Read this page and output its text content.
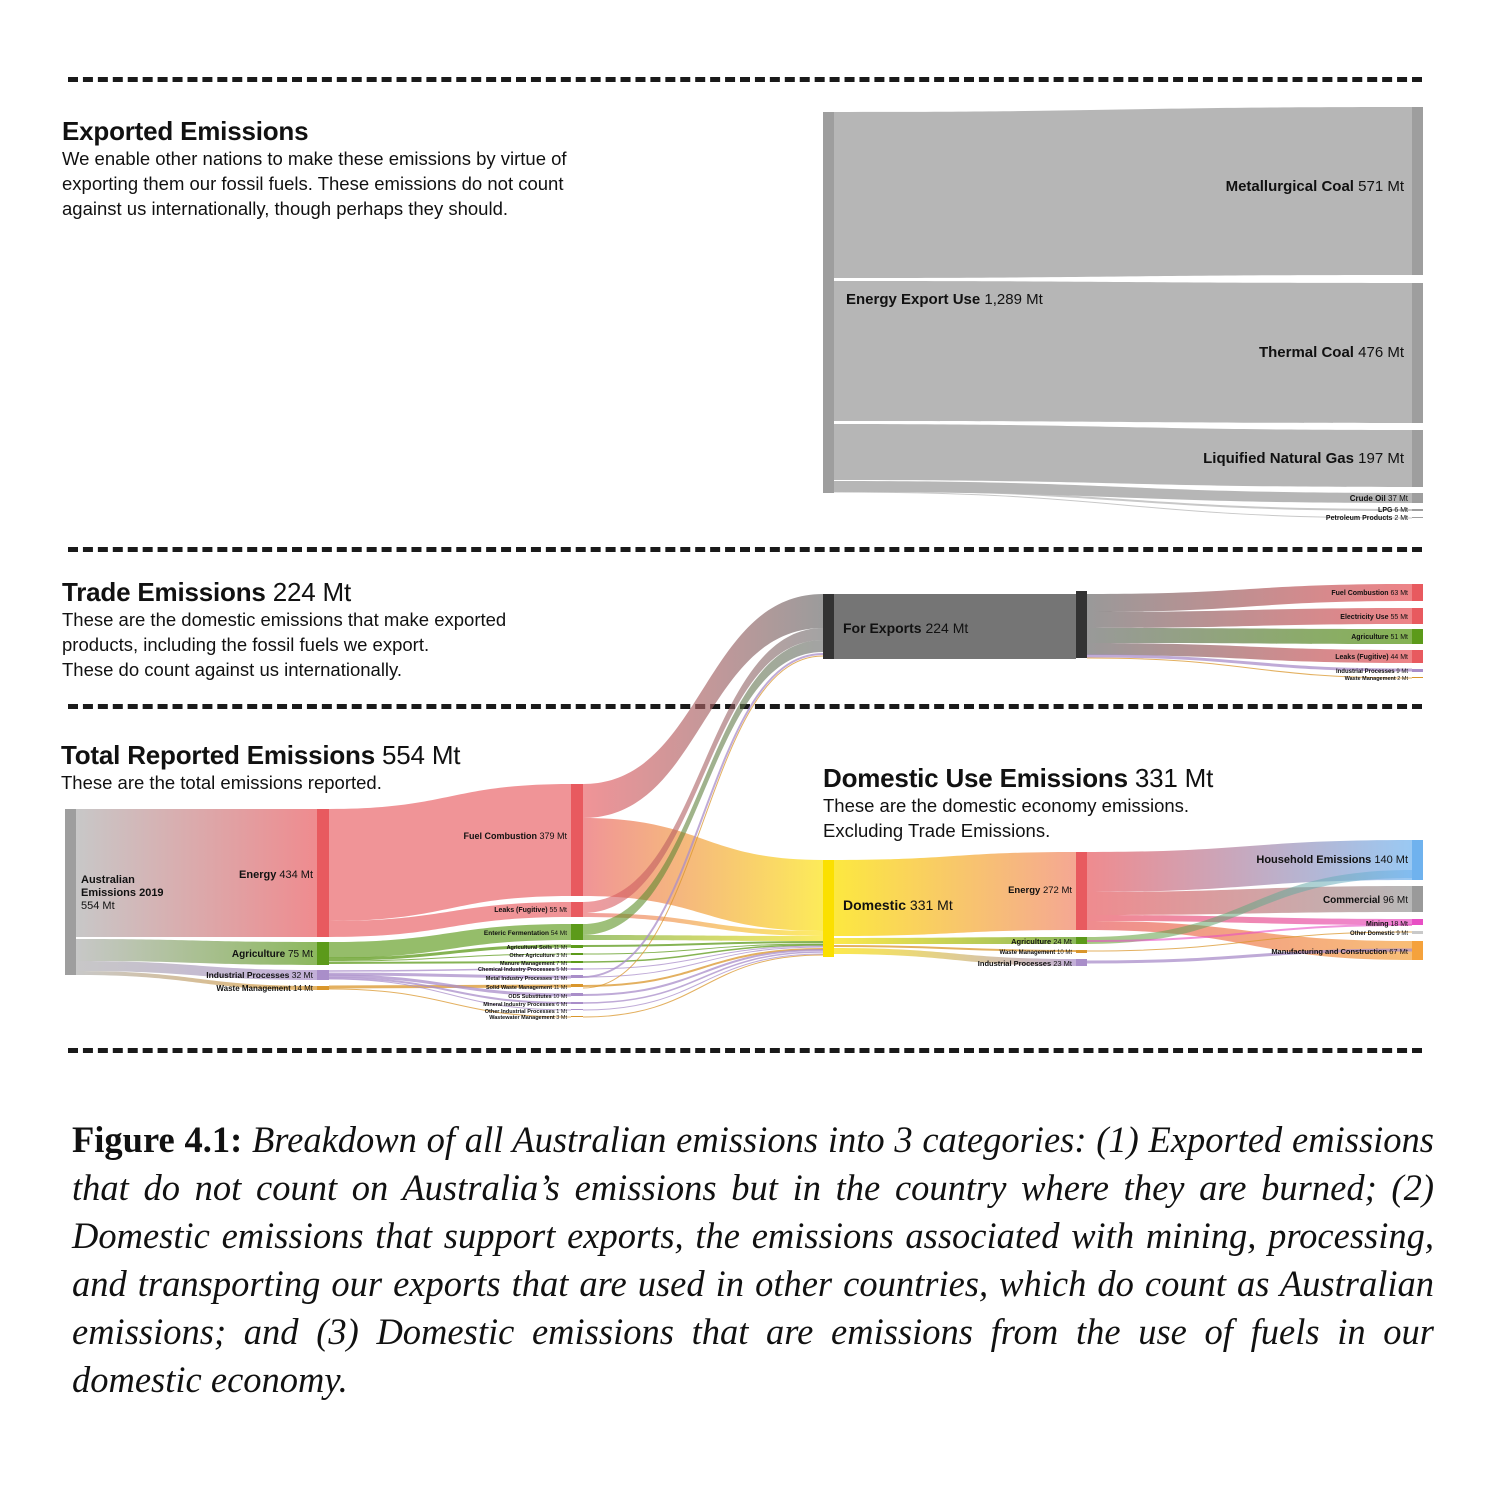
Exported Emissions

We enable other nations to make these emissions by virtue of
exporting them our fossil fuels. These emissions do not count
against us internationally, though perhaps they should.

Trade Emissions 224 Mt

These are the domestic emissions that make exported
products, including the fossil fuels we export.
These do count against us internationally.

Total Reported Emissions 554 Mt

These are the total emissions reported.	Domestic Use Emissions 331 Mt

These are the domestic economy emissions.
Excluding Trade Emissions.

Energy Export Use 1,289 Mt
Metallurgical Coal 571 Mt
Thermal Coal 476 Mt
Liquified Natural Gas 197 Mt
Crude Oil 37 Mt
LPG 6 Mt
Petroleum Products 2 Mt
Australian Emissions 2019 554 Mt
Energy 434 Mt
Agriculture 75 Mt
Industrial Processes 32 Mt
Waste Management 14 Mt
Fuel Combustion 379 Mt
Leaks (Fugitive) 55 Mt
Enteric Fermentation 54 Mt
Agricultural Soils 11 Mt
Other Agriculture 3 Mt
Manure Management 7 Mt
Chemical Industry Processes 5 Mt
Metal Industry Processes 11 Mt
Solid Waste Management 11 Mt
ODS Substitutes 10 Mt
Mineral Industry Processes 6 Mt
Other Industrial Processes 1 Mt
Wastewater Management 3 Mt
For Exports 224 Mt
Fuel Combustion 63 Mt
Electricity Use 55 Mt
Agriculture 51 Mt
Leaks (Fugitive) 44 Mt
Industrial Processes 9 Mt
Waste Management 2 Mt
Domestic 331 Mt
Energy 272 Mt
Agriculture 24 Mt
Waste Management 10 Mt
Industrial Processes 23 Mt
Household Emissions 140 Mt
Commercial 96 Mt
Mining 18 Mt
Other Domestic 9 Mt
Manufacturing and Construction 67 Mt
Figure 4.1: Breakdown of all Australian emissions into 3 categories: (1) Exported emissions that do not count on Australia’s emissions but in the country where they are burned; (2) Domestic emissions that support exports, the emissions associated with mining, processing, and transporting our exports that are used in other countries, which do count as Australian emissions; and (3) Domestic emissions that are emissions from the use of fuels in our domestic economy.
